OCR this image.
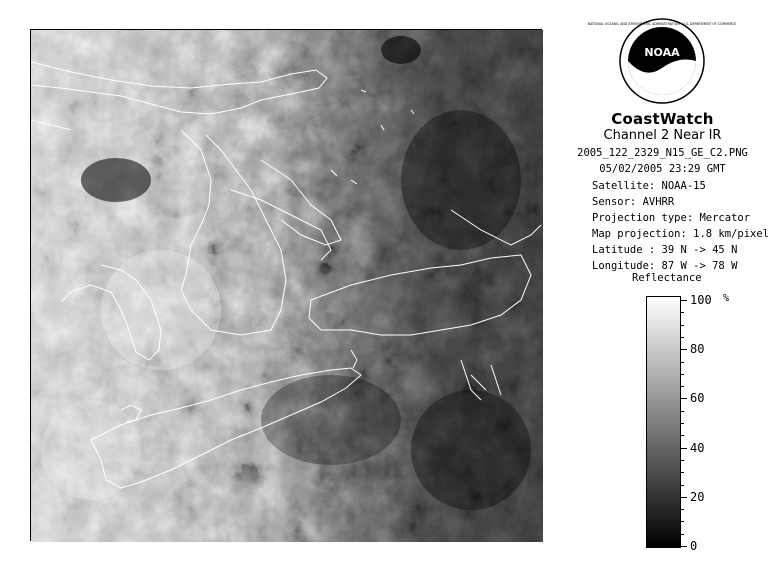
NOAA
NATIONAL OCEANIC AND ATMOSPHERIC ADMINISTRATION · U.S. DEPARTMENT OF COMMERCE
CoastWatch
Channel 2 Near IR
2005_122_2329_N15_GE_C2.PNG
05/02/2005 23:29 GMT
Satellite: NOAA-15
Sensor: AVHRR
Projection type: Mercator
Map projection: 1.8 km/pixel
Latitude : 39 N -> 45 N
Longitude: 87 W -> 78 W
Reflectance
%
100
80
60
40
20
0
